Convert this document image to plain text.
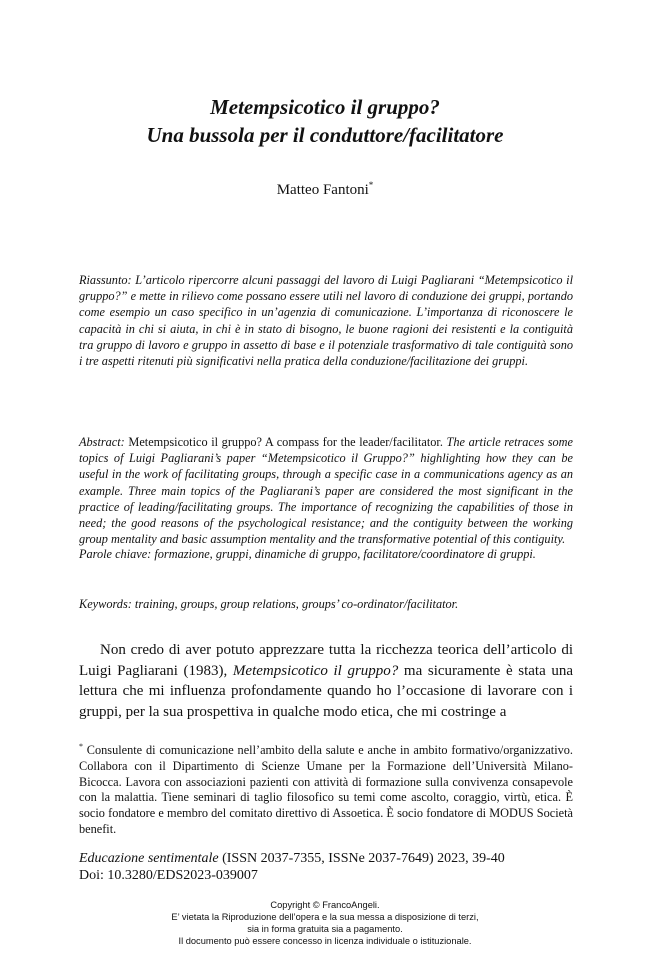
Metempsicotico il gruppo?
Una bussola per il conduttore/facilitatore
Matteo Fantoni*
Riassunto: L’articolo ripercorre alcuni passaggi del lavoro di Luigi Pagliarani “Metempsicotico il gruppo?” e mette in rilievo come possano essere utili nel lavoro di conduzione dei gruppi, portando come esempio un caso specifico in un’agenzia di comunicazione. L’importanza di riconoscere le capacità in chi si aiuta, in chi è in stato di bisogno, le buone ragioni dei resistenti e la contiguità tra gruppo di lavoro e gruppo in assetto di base e il potenziale trasformativo di tale contiguità sono i tre aspetti ritenuti più significativi nella pratica della conduzione/facilitazione dei gruppi.
Abstract: Metempsicotico il gruppo? A compass for the leader/facilitator. The article retraces some topics of Luigi Pagliarani’s paper “Metempsicotico il Gruppo?” highlighting how they can be useful in the work of facilitating groups, through a specific case in a communications agency as an example. Three main topics of the Pagliarani’s paper are considered the most significant in the practice of leading/facilitating groups. The importance of recognizing the capabilities of those in need; the good reasons of the psychological resistance; and the contiguity between the working group mentality and basic assumption mentality and the transformative potential of this contiguity.
Parole chiave: formazione, gruppi, dinamiche di gruppo, facilitatore/coordinatore di gruppi.
Keywords: training, groups, group relations, groups’ co-ordinator/facilitator.
Non credo di aver potuto apprezzare tutta la ricchezza teorica dell’articolo di Luigi Pagliarani (1983), Metempsicotico il gruppo? ma sicuramente è stata una lettura che mi influenza profondamente quando ho l’occasione di lavorare con i gruppi, per la sua prospettiva in qualche modo etica, che mi costringe a
* Consulente di comunicazione nell’ambito della salute e anche in ambito formativo/organizzativo. Collabora con il Dipartimento di Scienze Umane per la Formazione dell’Università Milano- Bicocca. Lavora con associazioni pazienti con attività di formazione sulla convivenza consapevole con la malattia. Tiene seminari di taglio filosofico su temi come ascolto, coraggio, virtù, etica. È socio fondatore e membro del comitato direttivo di Assoetica. È socio fondatore di MODUS Società benefit.
Educazione sentimentale (ISSN 2037-7355, ISSNe 2037-7649) 2023, 39-40
Doi: 10.3280/EDS2023-039007
Copyright © FrancoAngeli.
E’ vietata la Riproduzione dell’opera e la sua messa a disposizione di terzi,
sia in forma gratuita sia a pagamento.
Il documento può essere concesso in licenza individuale o istituzionale.
